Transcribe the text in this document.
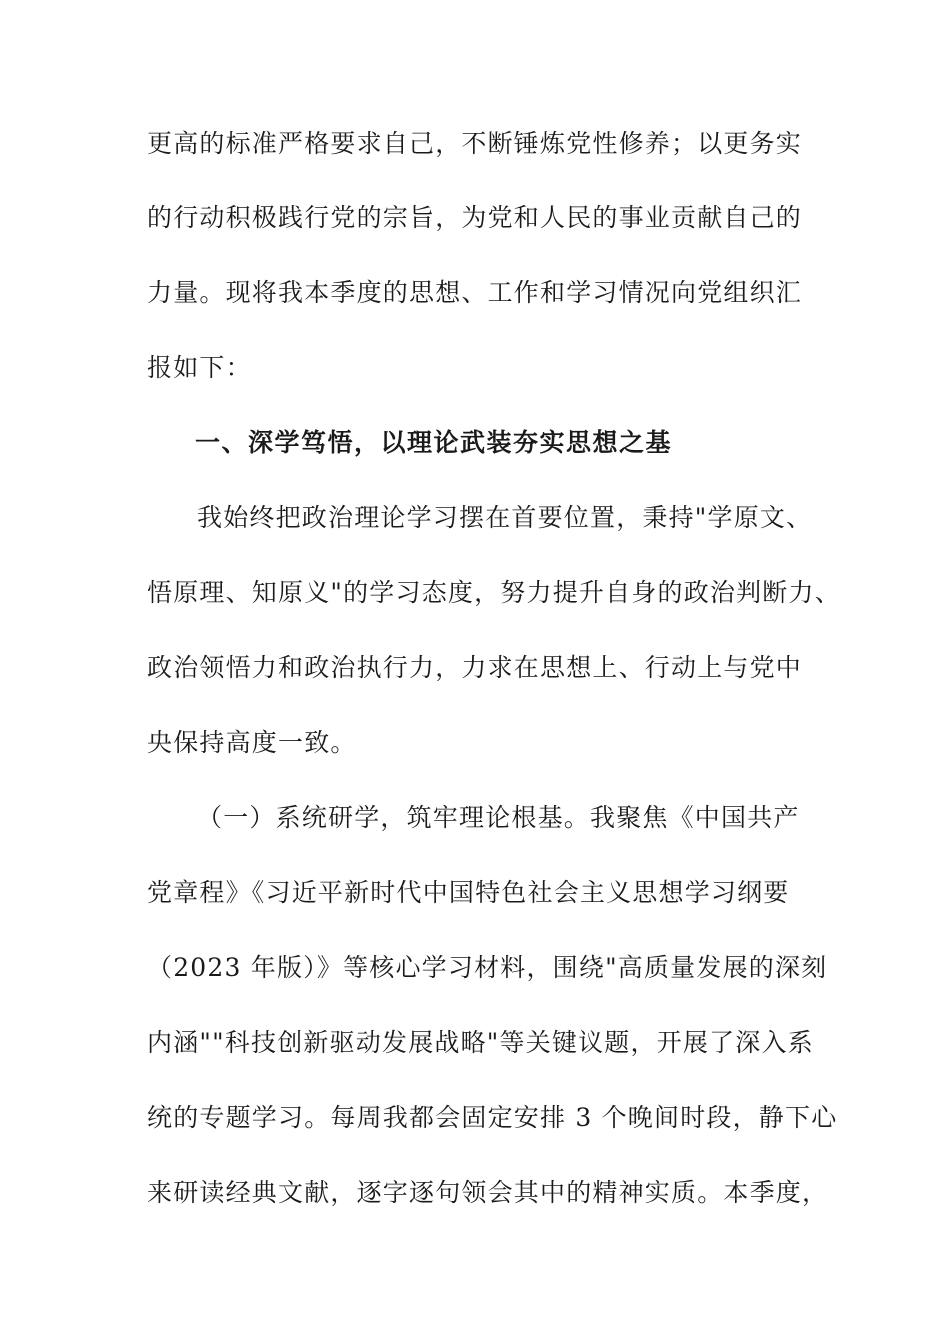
更高的标准严格要求自己，不断锤炼党性修养；以更务实
的行动积极践行党的宗旨，为党和人民的事业贡献自己的
力量。现将我本季度的思想、工作和学习情况向党组织汇
报如下：
一、深学笃悟，以理论武装夯实思想之基
我始终把政治理论学习摆在首要位置，秉持"学原文、
悟原理、知原义"的学习态度，努力提升自身的政治判断力、
政治领悟力和政治执行力，力求在思想上、行动上与党中
央保持高度一致。
（一）系统研学，筑牢理论根基。我聚焦《中国共产
党章程》《习近平新时代中国特色社会主义思想学习纲要
（2023 年版）》等核心学习材料，围绕"高质量发展的深刻
内涵""科技创新驱动发展战略"等关键议题，开展了深入系
统的专题学习。每周我都会固定安排 3 个晚间时段，静下心
来研读经典文献，逐字逐句领会其中的精神实质。本季度，
